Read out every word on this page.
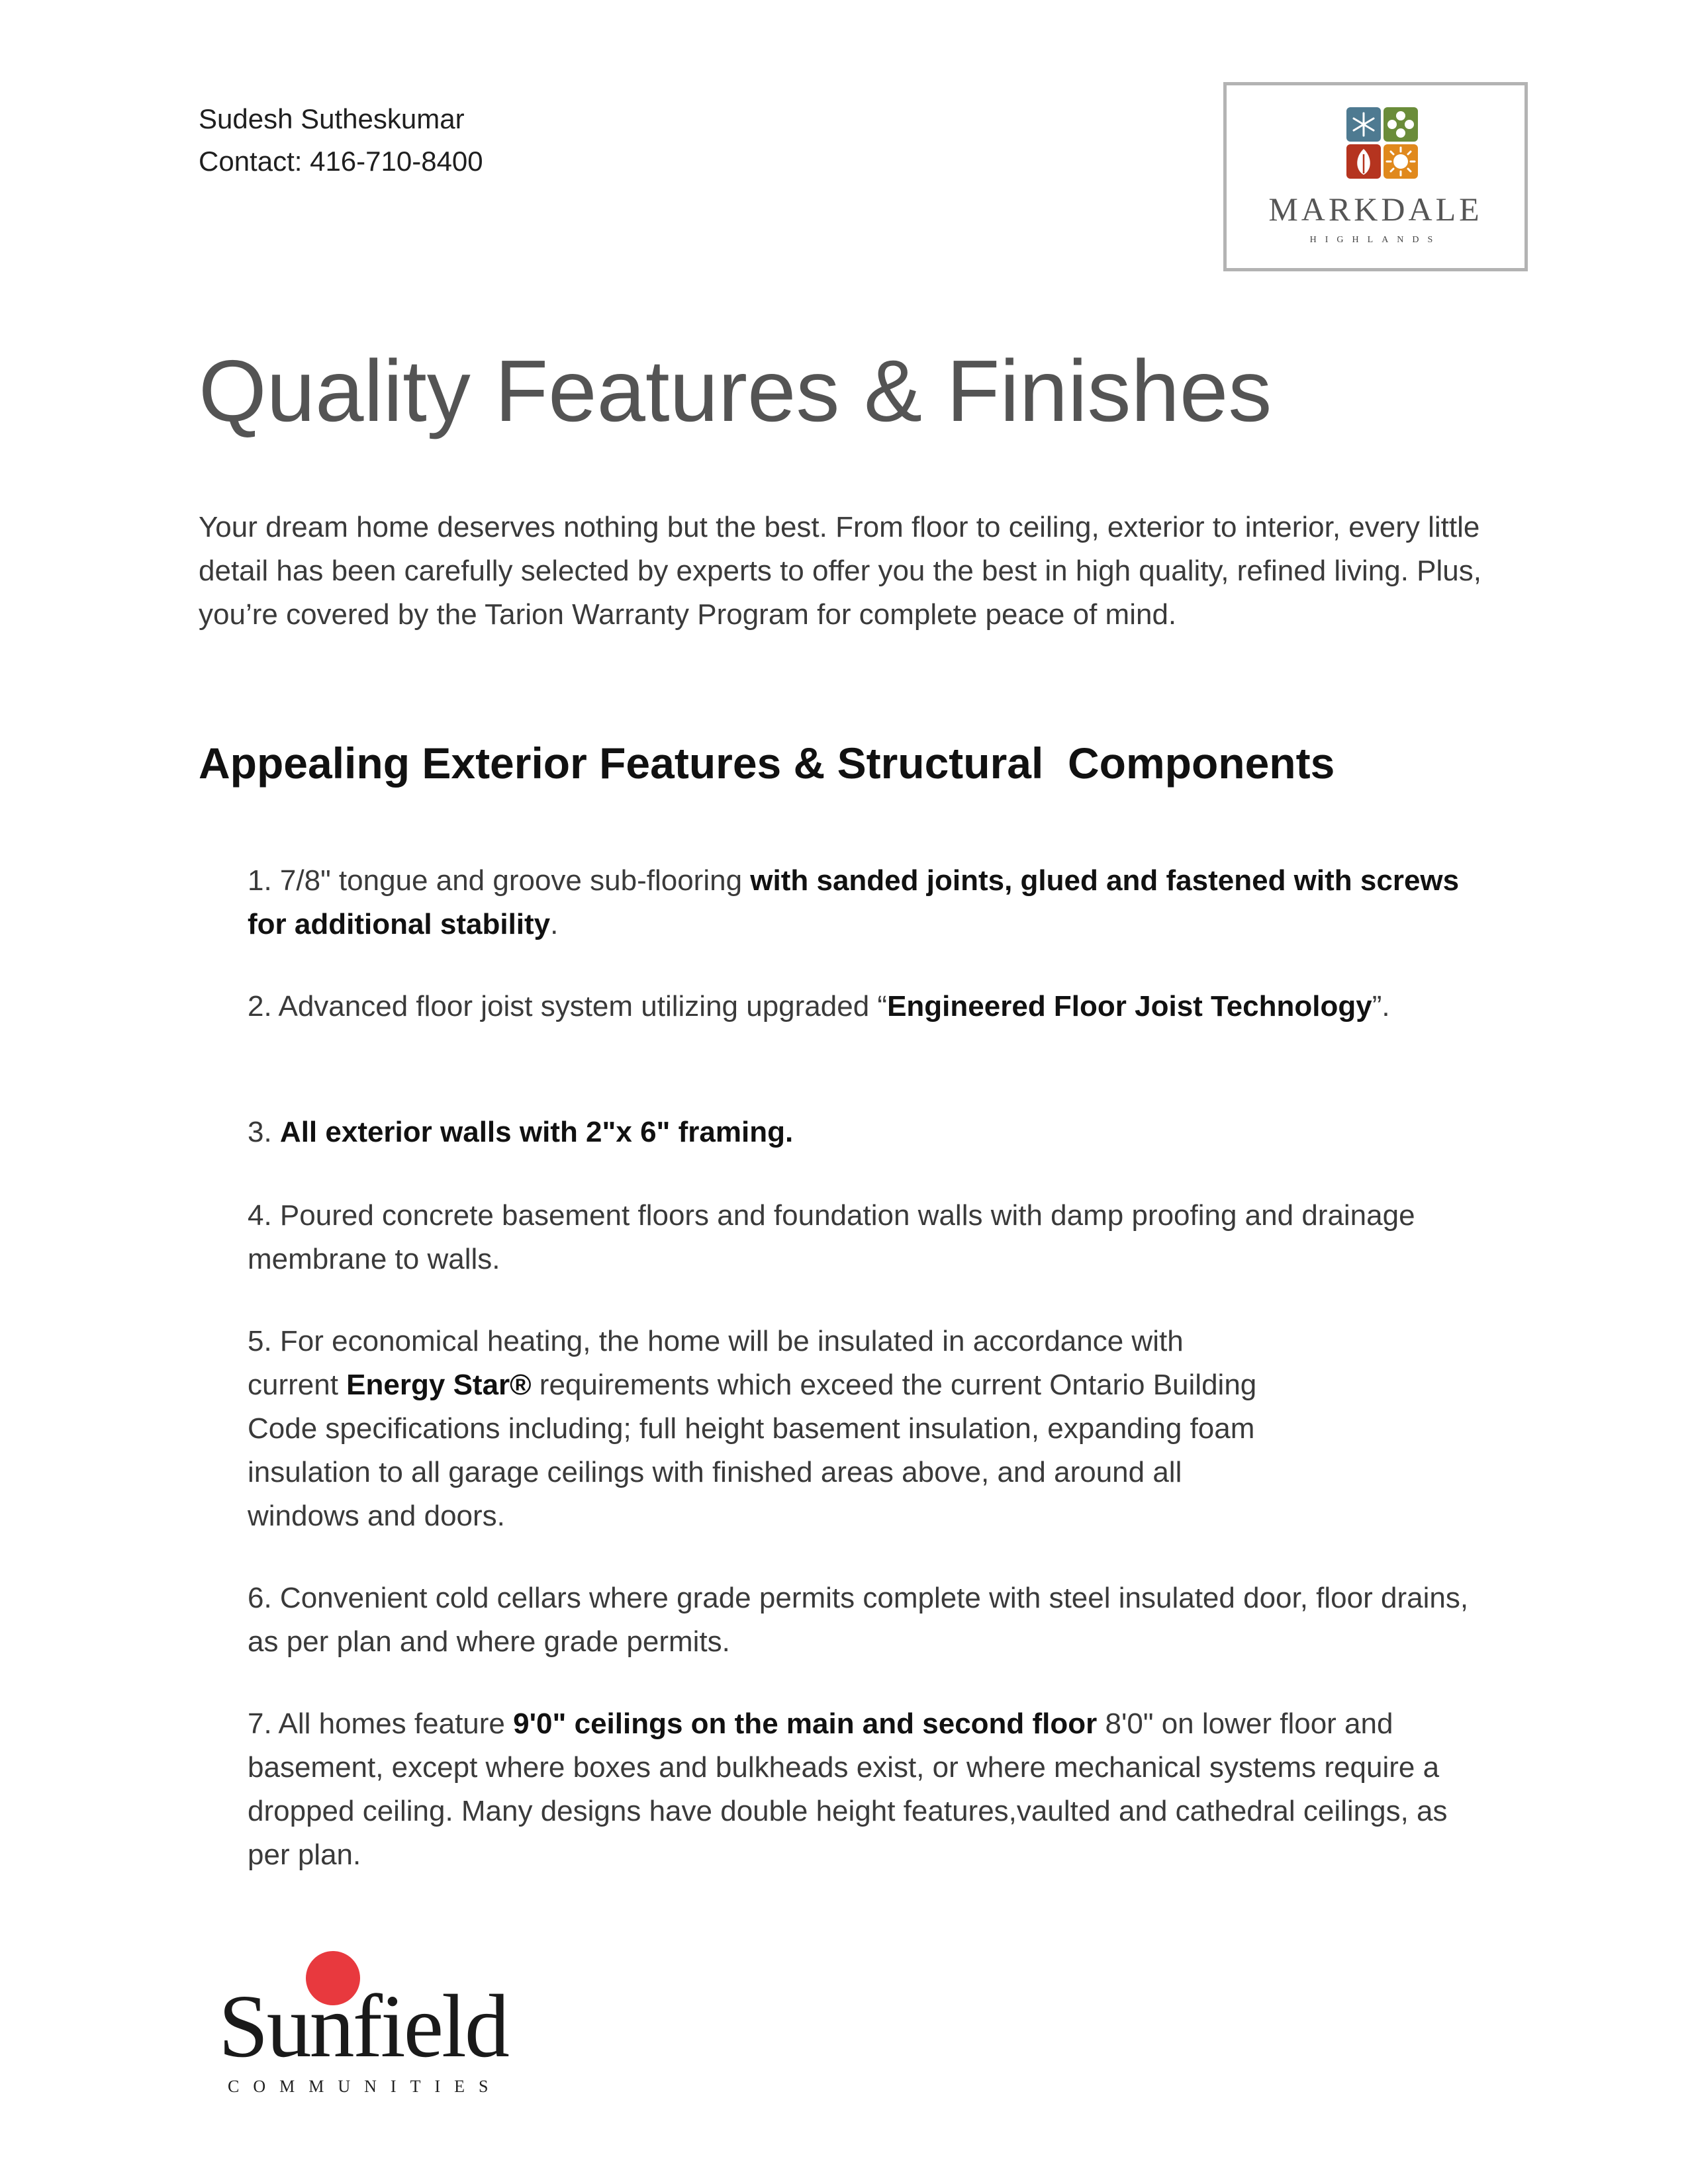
Sudesh Sutheskumar
Contact: 416-710-8400
MARKDALE
HIGHLANDS
Quality Features & Finishes

Your dream home deserves nothing but the best. From floor to ceiling, exterior to interior, every little detail has been carefully selected by experts to offer you the best in high quality, refined living. Plus, you’re covered by the Tarion Warranty Program for complete peace of mind.

Appealing Exterior Features & Structural  Components
1. 7/8" tongue and groove sub-flooring with sanded joints, glued and fastened with screws for additional stability.
2. Advanced floor joist system utilizing upgraded “Engineered Floor Joist Technology”.
3. All exterior walls with 2"x 6" framing.
4. Poured concrete basement floors and foundation walls with damp proofing and drainage membrane to walls.
5. For economical heating, the home will be insulated in accordance with current Energy Star® requirements which exceed the current Ontario Building Code specifications including; full height basement insulation, expanding foam insulation to all garage ceilings with finished areas above, and around all windows and doors.
6. Convenient cold cellars where grade permits complete with steel insulated door, floor drains, as per plan and where grade permits.
7. All homes feature 9'0" ceilings on the main and second floor 8'0" on lower floor and basement, except where boxes and bulkheads exist, or where mechanical systems require a dropped ceiling. Many designs have double height features,vaulted and cathedral ceilings, as per plan.
Sunfield
COMMUNITIES
